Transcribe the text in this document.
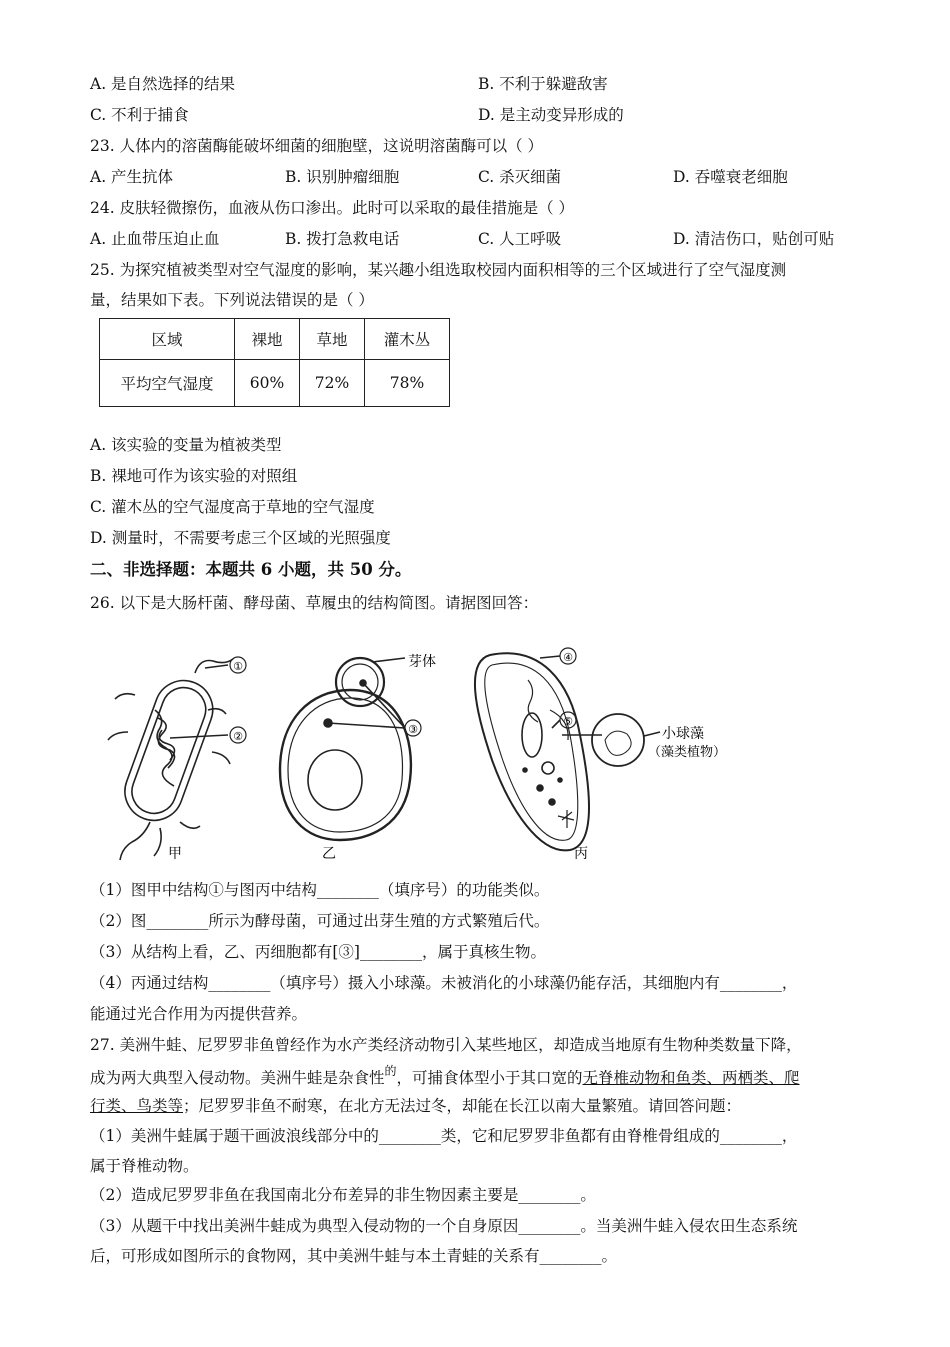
A. 是自然选择的结果	B. 不利于躲避敌害
C. 不利于捕食	D. 是主动变异形成的
23. 人体内的溶菌酶能破坏细菌的细胞壁，这说明溶菌酶可以（ ）
A. 产生抗体	B. 识别肿瘤细胞	C. 杀灭细菌	D. 吞噬衰老细胞
24. 皮肤轻微擦伤，血液从伤口渗出。此时可以采取的最佳措施是（ ）
A. 止血带压迫止血	B. 拨打急救电话	C. 人工呼吸	D. 清洁伤口，贴创可贴
25. 为探究植被类型对空气湿度的影响，某兴趣小组选取校园内面积相等的三个区域进行了空气湿度测
量，结果如下表。下列说法错误的是（ ）
区域	裸地	草地	灌木丛
平均空气湿度	60%	72%	78%
A. 该实验的变量为植被类型
B. 裸地可作为该实验的对照组
C. 灌木丛的空气湿度高于草地的空气湿度
D. 测量时，不需要考虑三个区域的光照强度
二、非选择题：本题共 6 小题，共 50 分。
26. 以下是大肠杆菌、酵母菌、草履虫的结构简图。请据图回答：
①
②
③
④
⑤
芽体
小球藻
（藻类植物）
甲	乙	丙
（1）图甲中结构①与图丙中结构________（填序号）的功能类似。
（2）图________所示为酵母菌，可通过出芽生殖的方式繁殖后代。
（3）从结构上看，乙、丙细胞都有[③]________，属于真核生物。
（4）丙通过结构________（填序号）摄入小球藻。未被消化的小球藻仍能存活，其细胞内有________，
能通过光合作用为丙提供营养。
27. 美洲牛蛙、尼罗罗非鱼曾经作为水产类经济动物引入某些地区，却造成当地原有生物种类数量下降，
成为两大典型入侵动物。美洲牛蛙是杂食性$^的$，可捕食体型小于其口宽的无脊椎动物和鱼类、两栖类、爬
行类、鸟类等；尼罗罗非鱼不耐寒，在北方无法过冬，却能在长江以南大量繁殖。请回答问题：
（1）美洲牛蛙属于题干画波浪线部分中的________类，它和尼罗罗非鱼都有由脊椎骨组成的________，
属于脊椎动物。
（2）造成尼罗罗非鱼在我国南北分布差异的非生物因素主要是________。
（3）从题干中找出美洲牛蛙成为典型入侵动物的一个自身原因________。当美洲牛蛙入侵农田生态系统
后，可形成如图所示的食物网，其中美洲牛蛙与本土青蛙的关系有________。
